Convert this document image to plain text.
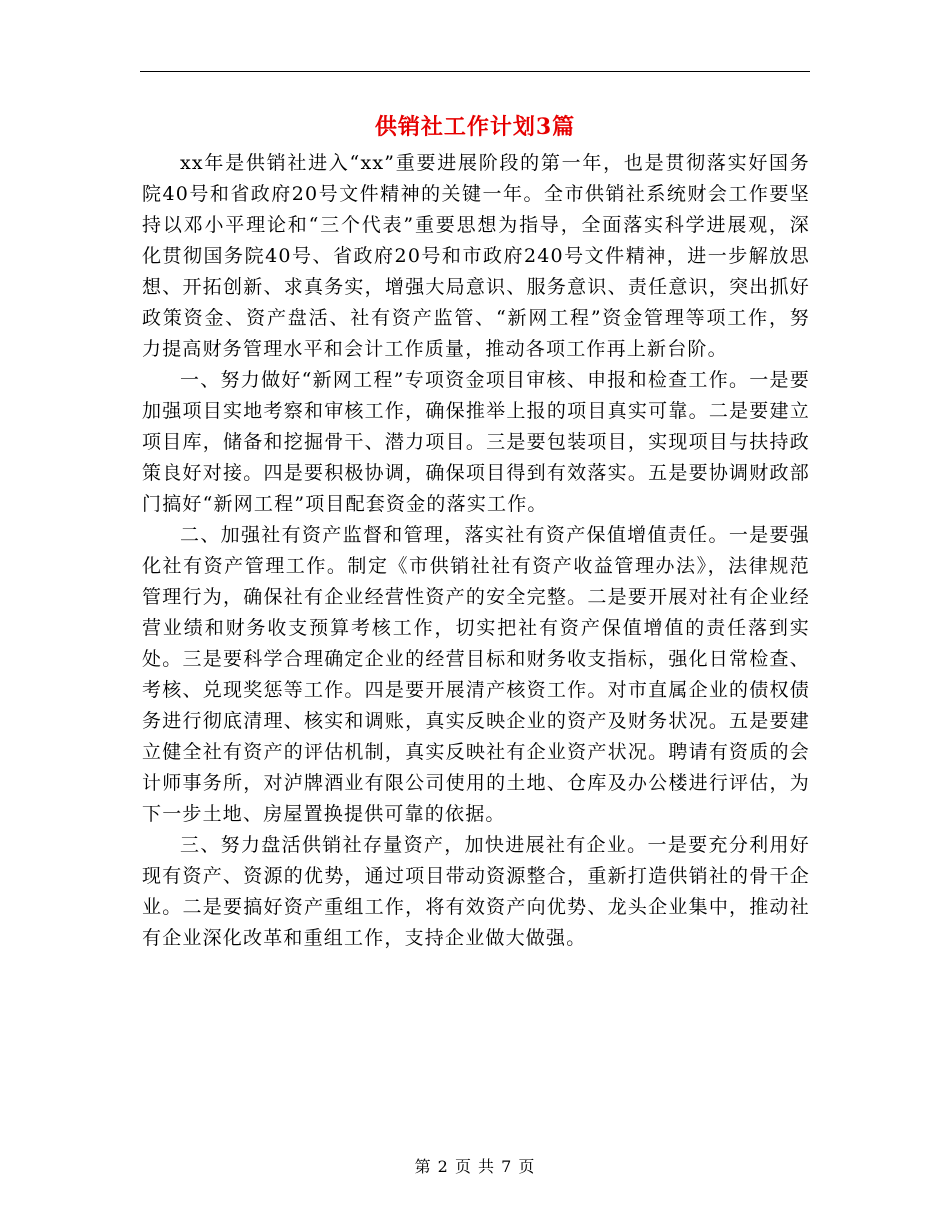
供销社工作计划3篇

xx年是供销社进入“xx”重要进展阶段的第一年，也是贯彻落实好国务院40号和省政府20号文件精神的关键一年。全市供销社系统财会工作要坚持以邓小平理论和“三个代表”重要思想为指导，全面落实科学进展观，深化贯彻国务院40号、省政府20号和市政府240号文件精神，进一步解放思想、开拓创新、求真务实，增强大局意识、服务意识、责任意识，突出抓好政策资金、资产盘活、社有资产监管、“新网工程”资金管理等项工作，努力提高财务管理水平和会计工作质量，推动各项工作再上新台阶。

一、努力做好“新网工程”专项资金项目审核、申报和检查工作。一是要加强项目实地考察和审核工作，确保推举上报的项目真实可靠。二是要建立项目库，储备和挖掘骨干、潜力项目。三是要包装项目，实现项目与扶持政策良好对接。四是要积极协调，确保项目得到有效落实。五是要协调财政部门搞好“新网工程”项目配套资金的落实工作。

二、加强社有资产监督和管理，落实社有资产保值增值责任。一是要强化社有资产管理工作。制定《市供销社社有资产收益管理办法》，法律规范管理行为，确保社有企业经营性资产的安全完整。二是要开展对社有企业经营业绩和财务收支预算考核工作，切实把社有资产保值增值的责任落到实处。三是要科学合理确定企业的经营目标和财务收支指标，强化日常检查、考核、兑现奖惩等工作。四是要开展清产核资工作。对市直属企业的债权债务进行彻底清理、核实和调账，真实反映企业的资产及财务状况。五是要建立健全社有资产的评估机制，真实反映社有企业资产状况。聘请有资质的会计师事务所，对泸牌酒业有限公司使用的土地、仓库及办公楼进行评估，为下一步土地、房屋置换提供可靠的依据。

三、努力盘活供销社存量资产，加快进展社有企业。一是要充分利用好现有资产、资源的优势，通过项目带动资源整合，重新打造供销社的骨干企业。二是要搞好资产重组工作，将有效资产向优势、龙头企业集中，推动社有企业深化改革和重组工作，支持企业做大做强。

第 2 页 共 7 页
